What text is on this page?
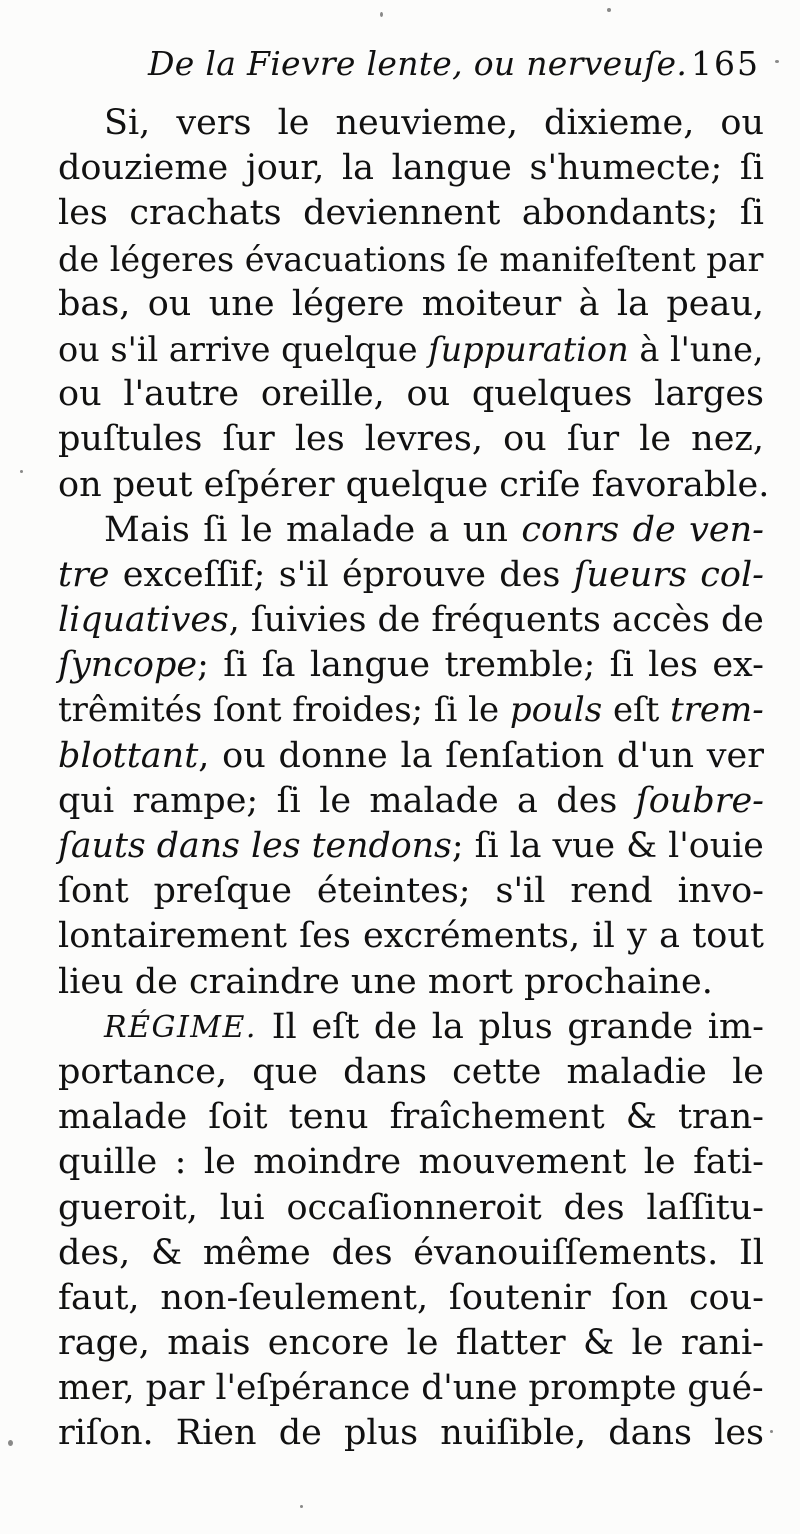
De la Fievre lente, ou nerveuſe. 165
Si, vers le neuvieme, dixieme, ou
douzieme jour, la langue s'humecte; ſi
les crachats deviennent abondants; ſi
de légeres évacuations ſe manifeſtent par
bas, ou une légere moiteur à la peau,
ou s'il arrive quelque ſuppuration à l'une,
ou l'autre oreille, ou quelques larges
puſtules ſur les levres, ou ſur le nez,
on peut eſpérer quelque criſe favorable.
Mais ſi le malade a un conrs de ven-
tre exceſſif; s'il éprouve des ſueurs col-
liquatives , ſuivies de fréquents accès de
ſyncope ; ſi ſa langue tremble; ſi les ex-
trêmités ſont froides; ſi le pouls eſt trem-
blottant , ou donne la ſenſation d'un ver
qui rampe; ſi le malade a des ſoubre-
ſauts dans les tendons ; ſi la vue & l'ouie
ſont preſque éteintes; s'il rend invo-
lontairement ſes excréments, il y a tout
lieu de craindre une mort prochaine.
RÉGIME. Il eſt de la plus grande im-
portance, que dans cette maladie le
malade ſoit tenu fraîchement & tran-
quille : le moindre mouvement le fati-
gueroit, lui occaſionneroit des laſſitu-
des, & même des évanouiſſements. Il
faut, non-ſeulement, ſoutenir ſon cou-
rage, mais encore le flatter & le rani-
mer, par l'eſpérance d'une prompte gué-
riſon. Rien de plus nuiſible, dans les
